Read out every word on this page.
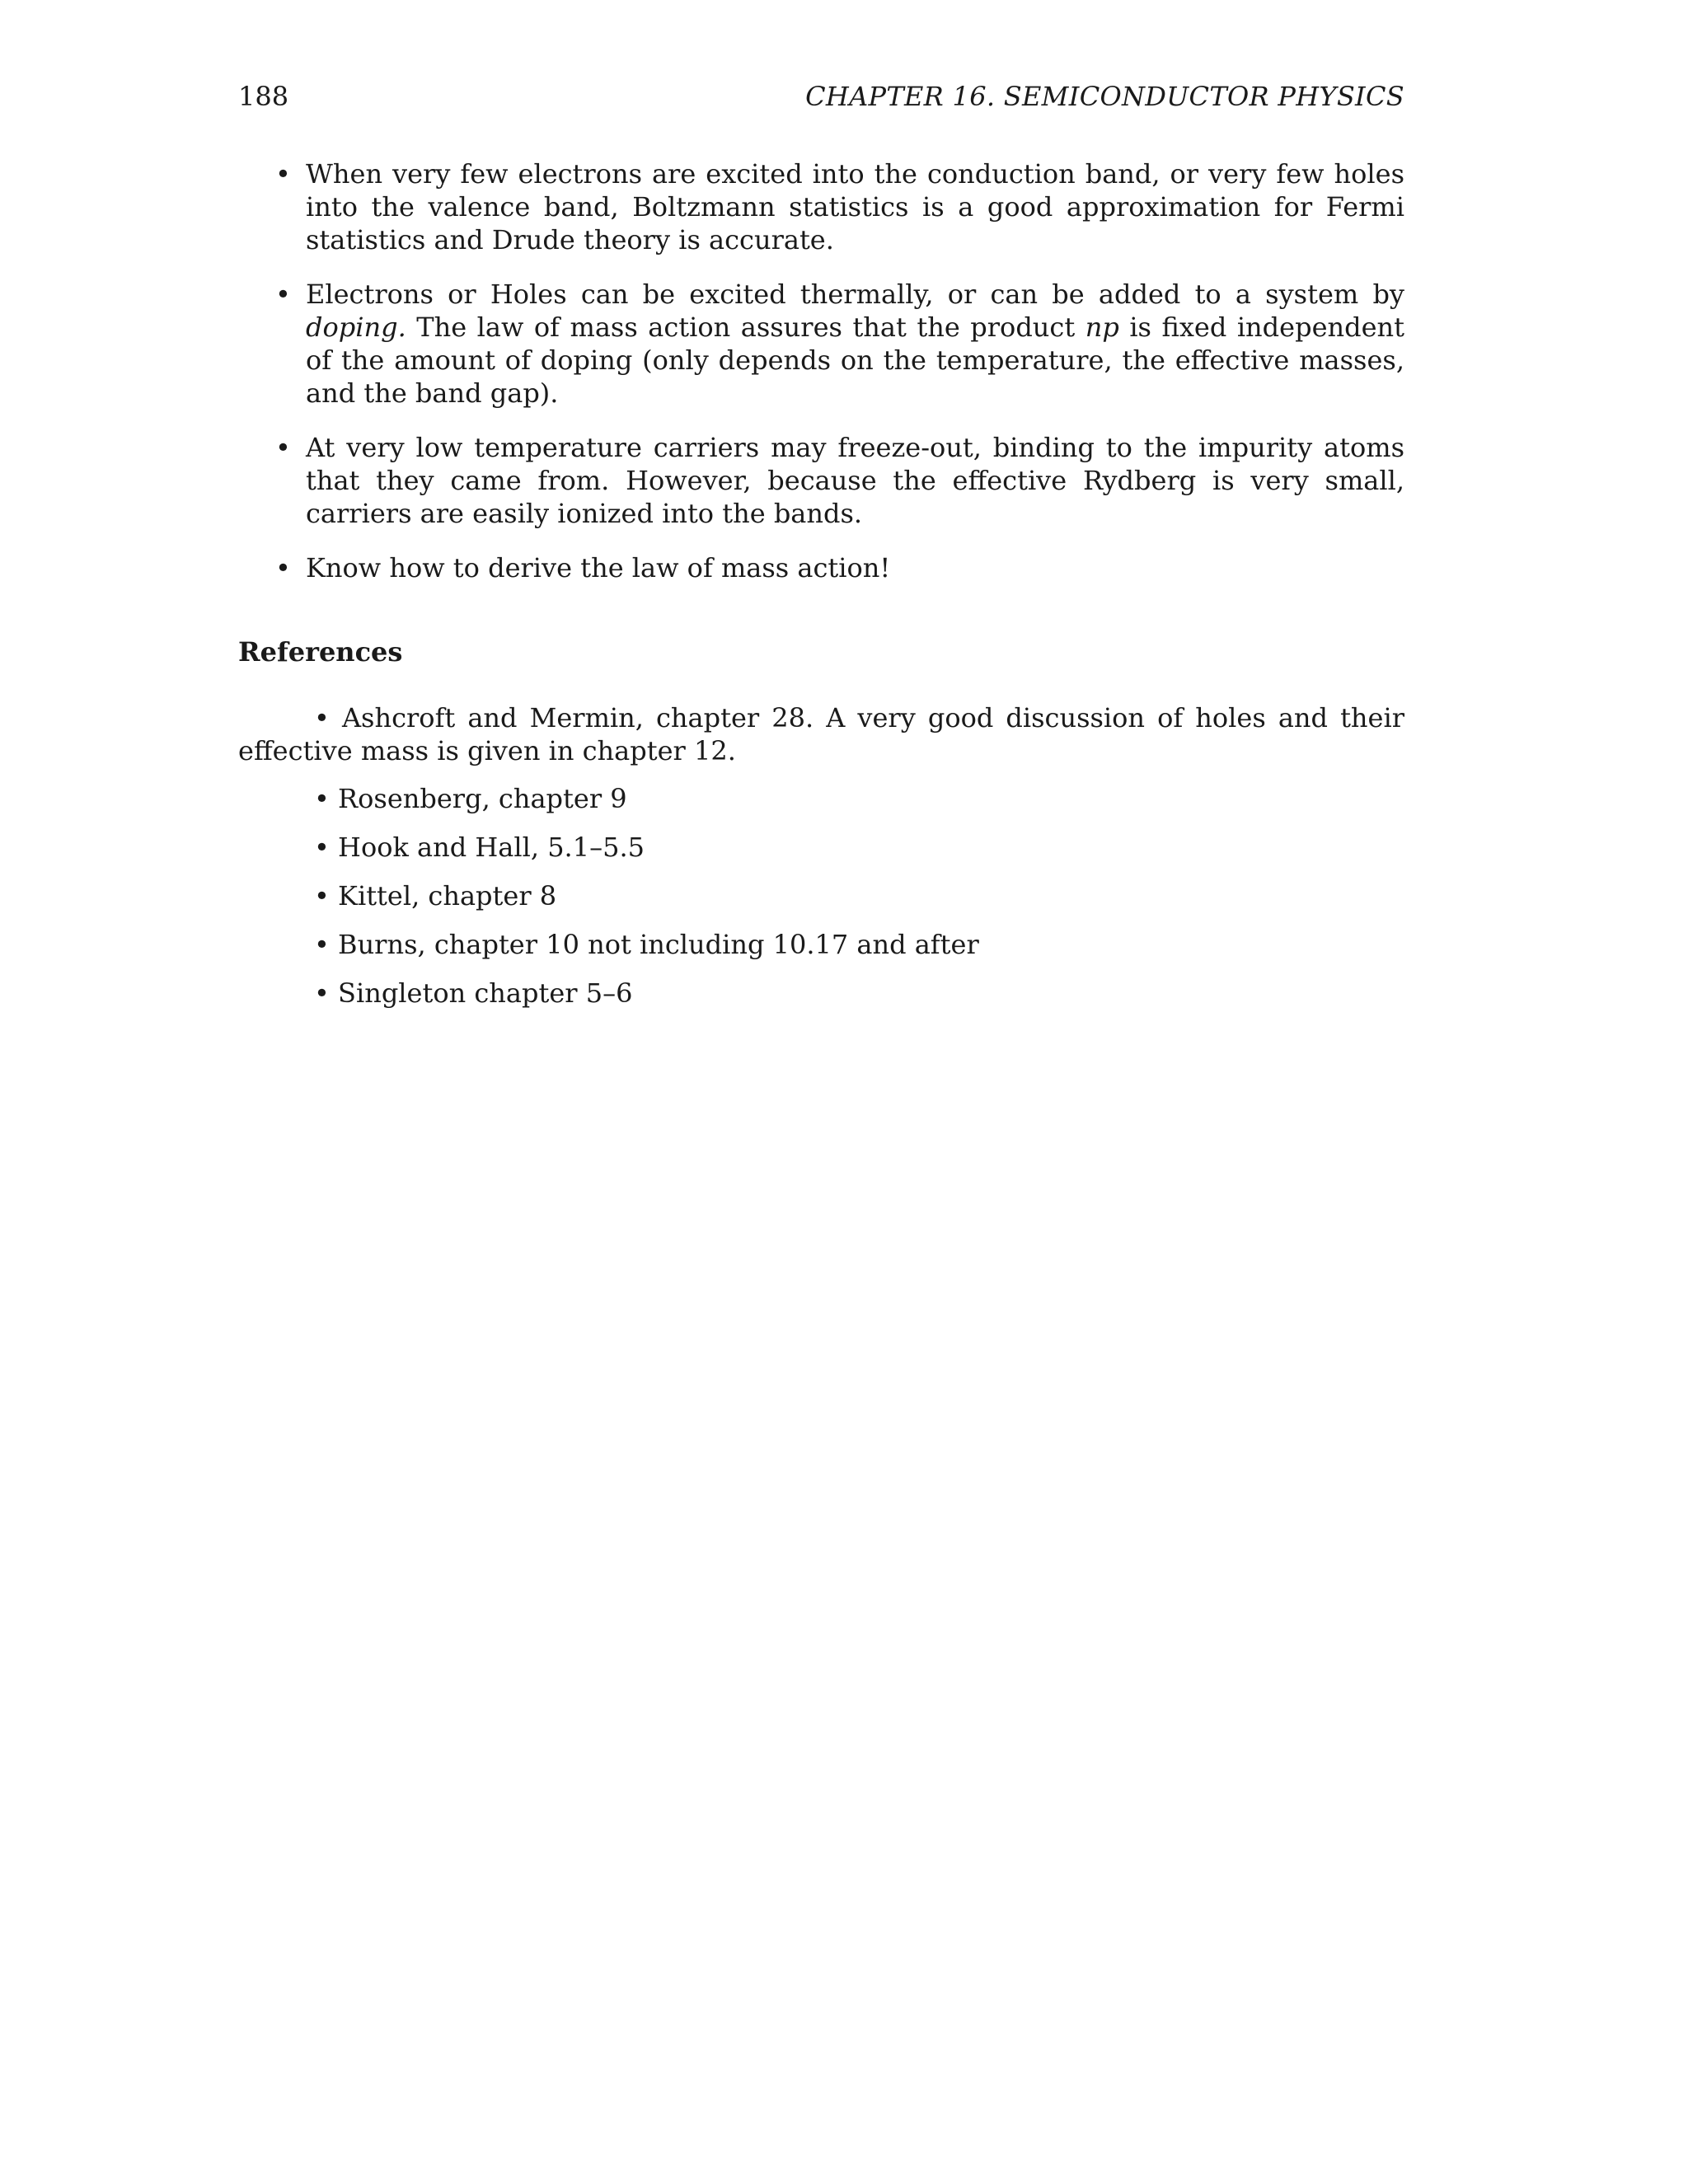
188	CHAPTER 16. SEMICONDUCTOR PHYSICS
• When very few electrons are excited into the conduction band, or very few holes into the valence band, Boltzmann statistics is a good approximation for Fermi statistics and Drude theory is accurate.
• Electrons or Holes can be excited thermally, or can be added to a system by doping. The law of mass action assures that the product np is fixed independent of the amount of doping (only depends on the temperature, the effective masses, and the band gap).
• At very low temperature carriers may freeze-out, binding to the impurity atoms that they came from. However, because the effective Rydberg is very small, carriers are easily ionized into the bands.
• Know how to derive the law of mass action!
References
• Ashcroft and Mermin, chapter 28. A very good discussion of holes and their effective mass is given in chapter 12.
• Rosenberg, chapter 9
• Hook and Hall, 5.1–5.5
• Kittel, chapter 8
• Burns, chapter 10 not including 10.17 and after
• Singleton chapter 5–6
